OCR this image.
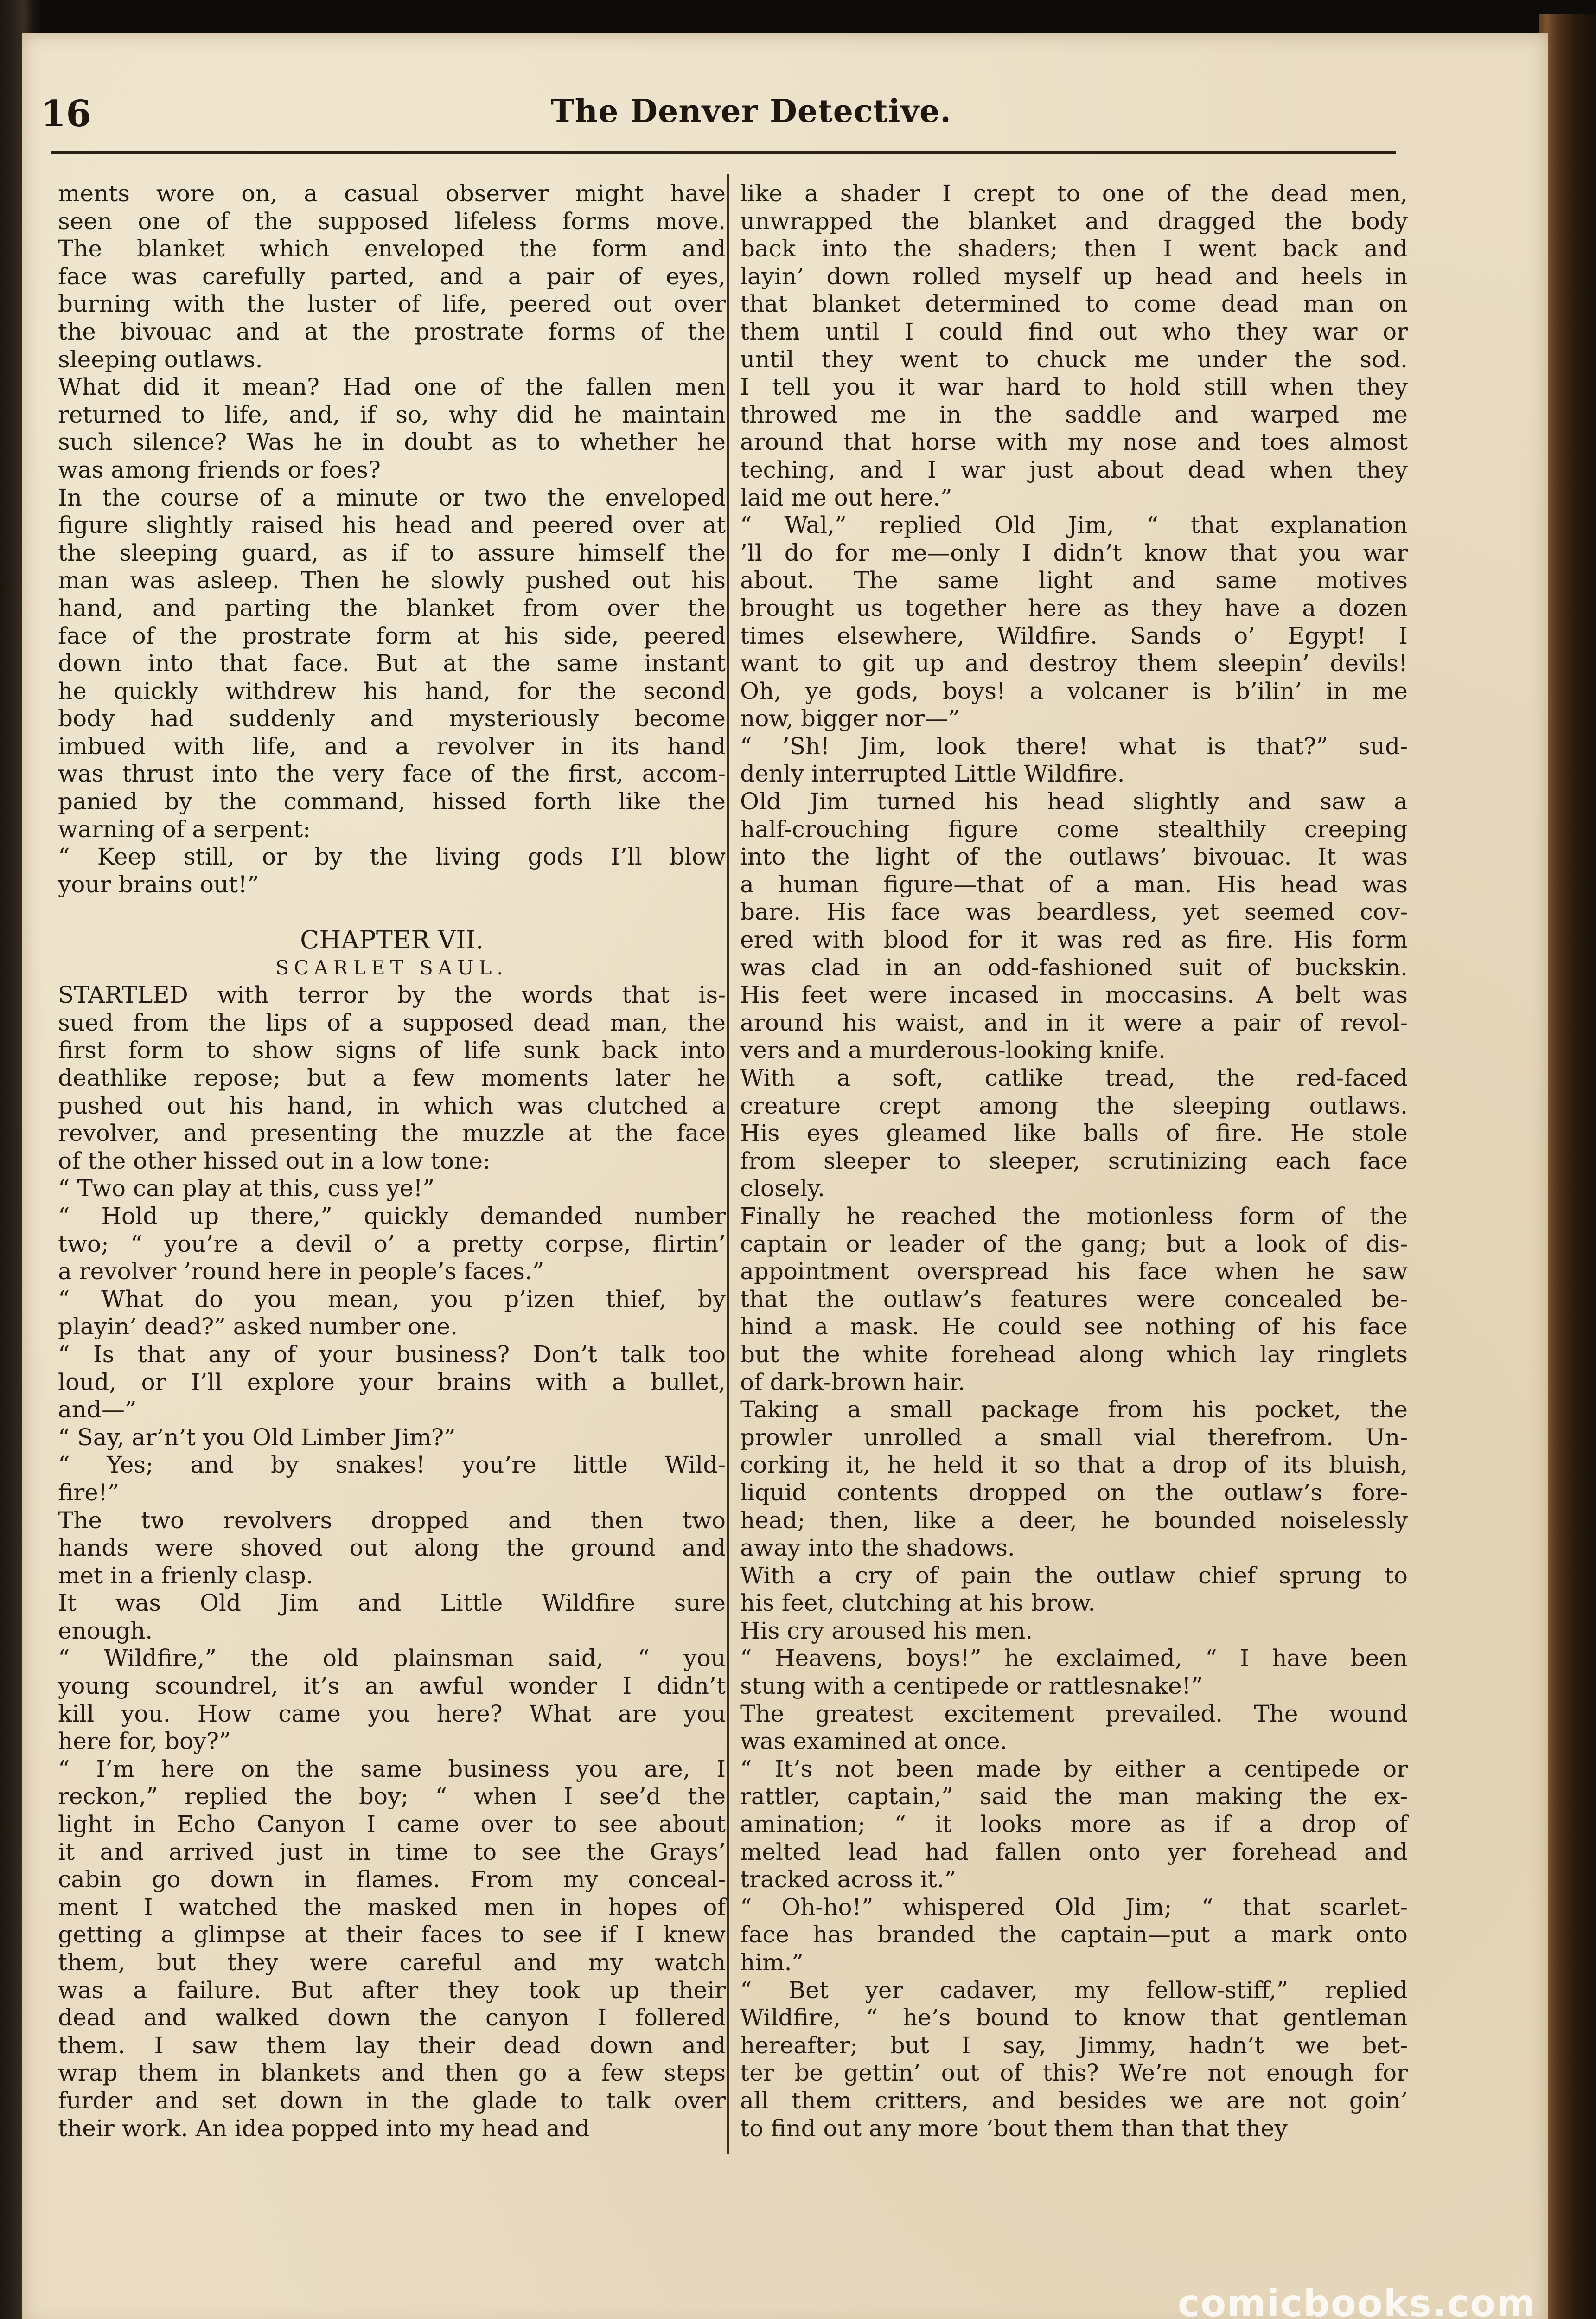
16	The Denver Detective.
ments wore on, a casual observer might have
seen one of the supposed lifeless forms move.
The blanket which enveloped the form and
face was carefully parted, and a pair of eyes,
burning with the luster of life, peered out over
the bivouac and at the prostrate forms of the
sleeping outlaws.
What did it mean? Had one of the fallen men
returned to life, and, if so, why did he maintain
such silence? Was he in doubt as to whether he
was among friends or foes?
In the course of a minute or two the enveloped
figure slightly raised his head and peered over at
the sleeping guard, as if to assure himself the
man was asleep. Then he slowly pushed out his
hand, and parting the blanket from over the
face of the prostrate form at his side, peered
down into that face. But at the same instant
he quickly withdrew his hand, for the second
body had suddenly and mysteriously become
imbued with life, and a revolver in its hand
was thrust into the very face of the first, accom-
panied by the command, hissed forth like the
warning of a serpent:
“ Keep still, or by the living gods I’ll blow
your brains out!”
CHAPTER VII.
SCARLET SAUL.
STARTLED with terror by the words that is-
sued from the lips of a supposed dead man, the
first form to show signs of life sunk back into
deathlike repose; but a few moments later he
pushed out his hand, in which was clutched a
revolver, and presenting the muzzle at the face
of the other hissed out in a low tone:
“ Two can play at this, cuss ye!”
“ Hold up there,” quickly demanded number
two; “ you’re a devil o’ a pretty corpse, flirtin’
a revolver ’round here in people’s faces.”
“ What do you mean, you p’izen thief, by
playin’ dead?” asked number one.
“ Is that any of your business? Don’t talk too
loud, or I’ll explore your brains with a bullet,
and—”
“ Say, ar’n’t you Old Limber Jim?”
“ Yes; and by snakes! you’re little Wild-
fire!”
The two revolvers dropped and then two
hands were shoved out along the ground and
met in a frienly clasp.
It was Old Jim and Little Wildfire sure
enough.
“ Wildfire,” the old plainsman said, “ you
young scoundrel, it’s an awful wonder I didn’t
kill you. How came you here? What are you
here for, boy?”
“ I’m here on the same business you are, I
reckon,” replied the boy; “ when I see’d the
light in Echo Canyon I came over to see about
it and arrived just in time to see the Grays’
cabin go down in flames. From my conceal-
ment I watched the masked men in hopes of
getting a glimpse at their faces to see if I knew
them, but they were careful and my watch
was a failure. But after they took up their
dead and walked down the canyon I follered
them. I saw them lay their dead down and
wrap them in blankets and then go a few steps
furder and set down in the glade to talk over
their work. An idea popped into my head and
like a shader I crept to one of the dead men,
unwrapped the blanket and dragged the body
back into the shaders; then I went back and
layin’ down rolled myself up head and heels in
that blanket determined to come dead man on
them until I could find out who they war or
until they went to chuck me under the sod.
I tell you it war hard to hold still when they
throwed me in the saddle and warped me
around that horse with my nose and toes almost
teching, and I war just about dead when they
laid me out here.”
“ Wal,” replied Old Jim, “ that explanation
’ll do for me—only I didn’t know that you war
about. The same light and same motives
brought us together here as they have a dozen
times elsewhere, Wildfire. Sands o’ Egypt! I
want to git up and destroy them sleepin’ devils!
Oh, ye gods, boys! a volcaner is b’ilin’ in me
now, bigger nor—”
“ ’Sh! Jim, look there! what is that?” sud-
denly interrupted Little Wildfire.
Old Jim turned his head slightly and saw a
half-crouching figure come stealthily creeping
into the light of the outlaws’ bivouac. It was
a human figure—that of a man. His head was
bare. His face was beardless, yet seemed cov-
ered with blood for it was red as fire. His form
was clad in an odd-fashioned suit of buckskin.
His feet were incased in moccasins. A belt was
around his waist, and in it were a pair of revol-
vers and a murderous-looking knife.
With a soft, catlike tread, the red-faced
creature crept among the sleeping outlaws.
His eyes gleamed like balls of fire. He stole
from sleeper to sleeper, scrutinizing each face
closely.
Finally he reached the motionless form of the
captain or leader of the gang; but a look of dis-
appointment overspread his face when he saw
that the outlaw’s features were concealed be-
hind a mask. He could see nothing of his face
but the white forehead along which lay ringlets
of dark-brown hair.
Taking a small package from his pocket, the
prowler unrolled a small vial therefrom. Un-
corking it, he held it so that a drop of its bluish,
liquid contents dropped on the outlaw’s fore-
head; then, like a deer, he bounded noiselessly
away into the shadows.
With a cry of pain the outlaw chief sprung to
his feet, clutching at his brow.
His cry aroused his men.
“ Heavens, boys!” he exclaimed, “ I have been
stung with a centipede or rattlesnake!”
The greatest excitement prevailed. The wound
was examined at once.
“ It’s not been made by either a centipede or
rattler, captain,” said the man making the ex-
amination; “ it looks more as if a drop of
melted lead had fallen onto yer forehead and
tracked across it.”
“ Oh-ho!” whispered Old Jim; “ that scarlet-
face has branded the captain—put a mark onto
him.”
“ Bet yer cadaver, my fellow-stiff,” replied
Wildfire, “ he’s bound to know that gentleman
hereafter; but I say, Jimmy, hadn’t we bet-
ter be gettin’ out of this? We’re not enough for
all them critters, and besides we are not goin’
to find out any more ’bout them than that they
comicbooks.com
